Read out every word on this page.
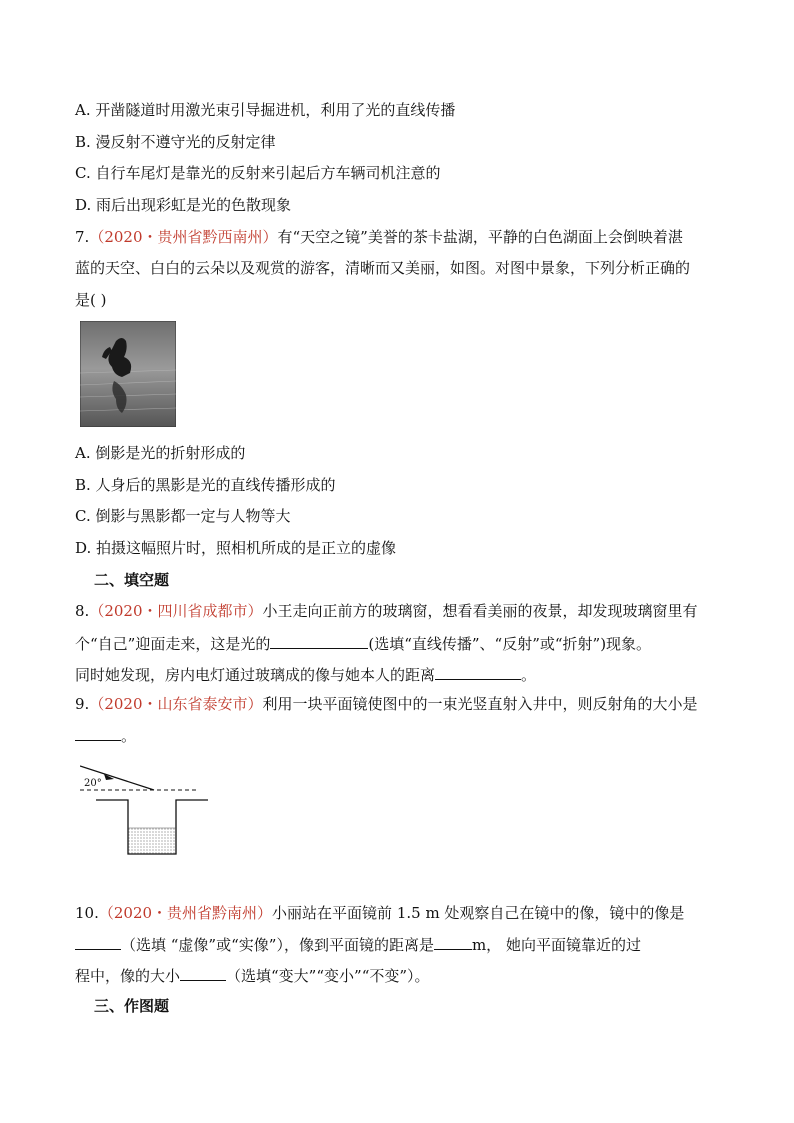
A. 开凿隧道时用激光束引导掘进机，利用了光的直线传播
B. 漫反射不遵守光的反射定律
C. 自行车尾灯是靠光的反射来引起后方车辆司机注意的
D. 雨后出现彩虹是光的色散现象
7.（2020・贵州省黔西南州）有“天空之镜”美誉的茶卡盐湖，平静的白色湖面上会倒映着湛
蓝的天空、白白的云朵以及观赏的游客，清晰而又美丽，如图。对图中景象，下列分析正确的
是( )
A. 倒影是光的折射形成的
B. 人身后的黑影是光的直线传播形成的
C. 倒影与黑影都一定与人物等大
D. 拍摄这幅照片时，照相机所成的是正立的虚像
二、填空题
8.（2020・四川省成都市）小王走向正前方的玻璃窗，想看看美丽的夜景，却发现玻璃窗里有
个“自己”迎面走来，这是光的	(选填“直线传播”、“反射”或“折射”)现象。
同时她发现，房内电灯通过玻璃成的像与她本人的距离	。
9.（2020・山东省泰安市）利用一块平面镜使图中的一束光竖直射入井中，则反射角的大小是
。
20°
10.（2020・贵州省黔南州）小丽站在平面镜前 1.5 m 处观察自己在镜中的像，镜中的像是
（选填 “虚像”或“实像”），像到平面镜的距离是	m， 她向平面镜靠近的过
程中，像的大小	（选填“变大”“变小”“不变”）。
三、作图题
